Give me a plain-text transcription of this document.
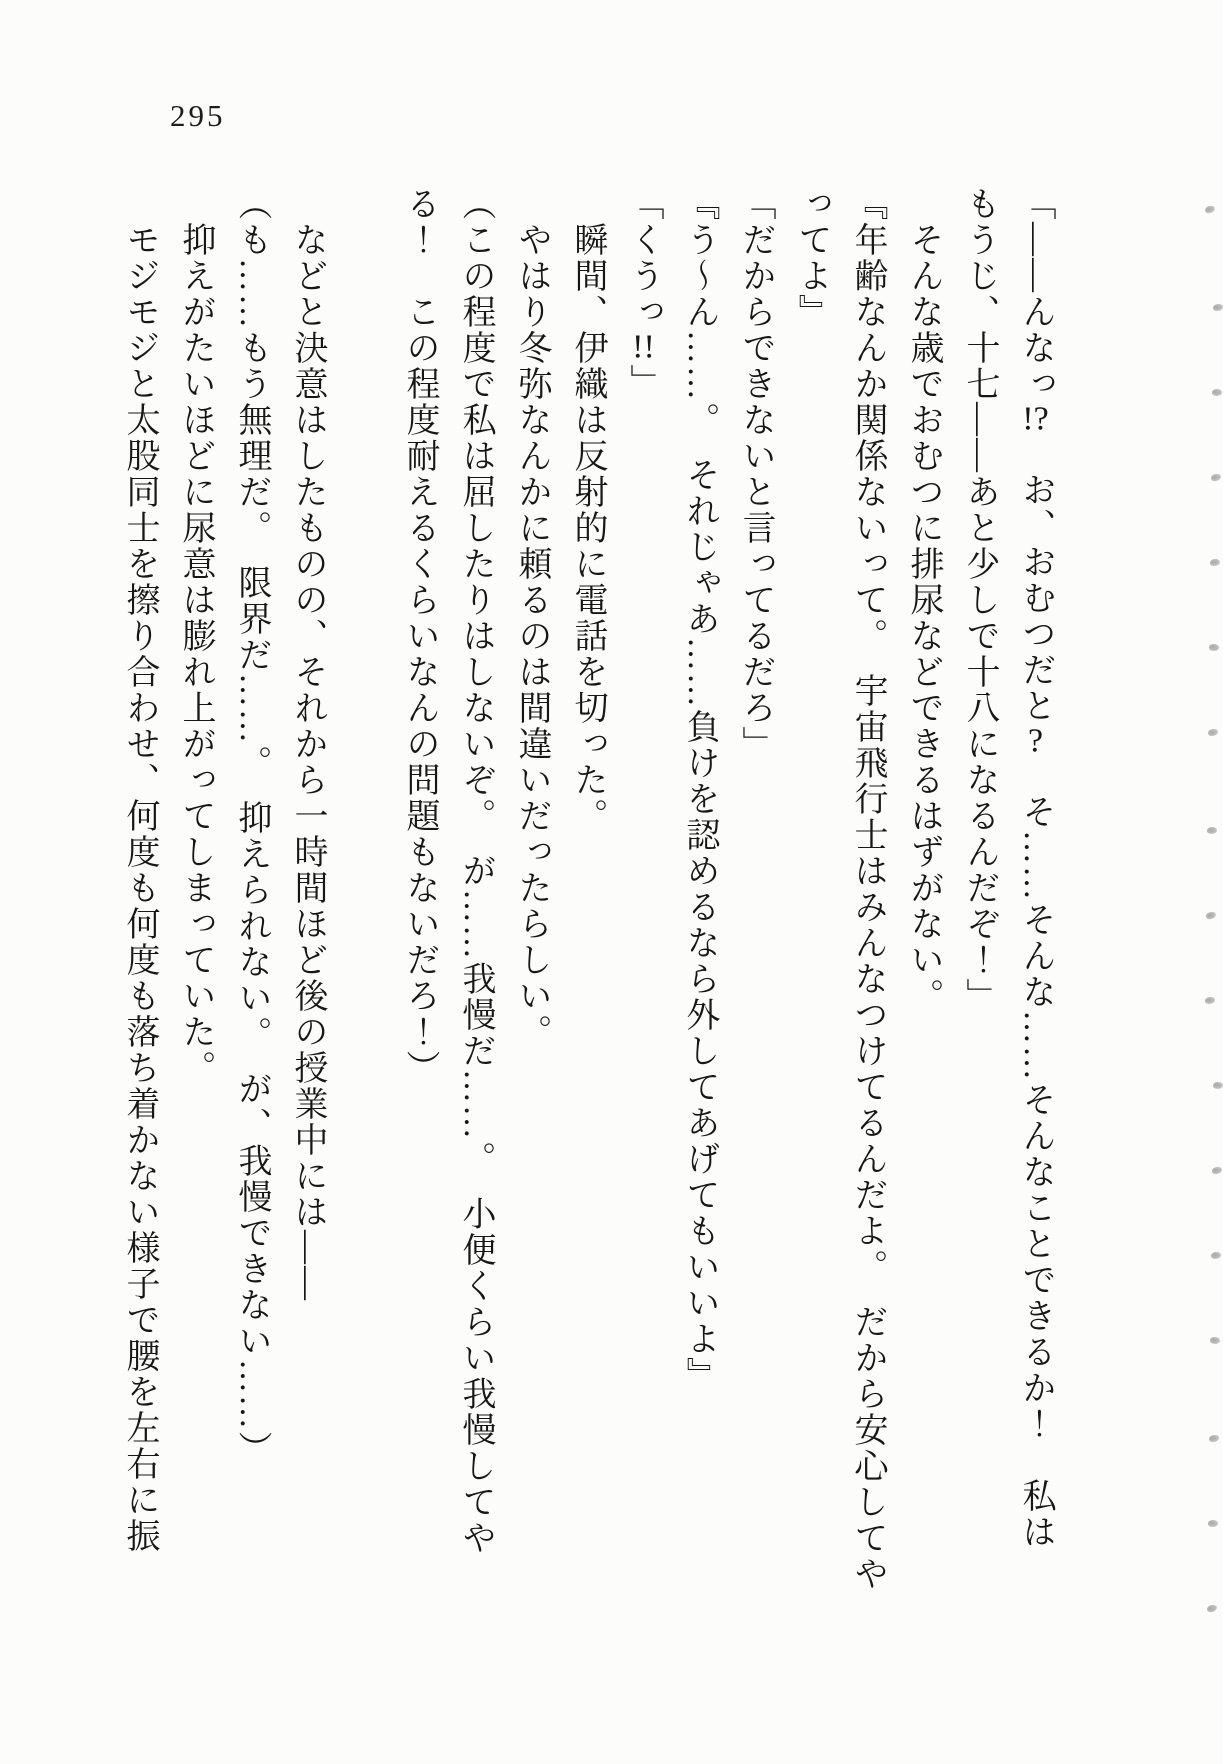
295

「――んなっ!?　お、おむつだと?　そ……そんな……そんなことできるか！　私は

もうじ、十七――あと少しで十八になるんだぞ！」

そんな歳でおむつに排尿などできるはずがない。

『年齢なんか関係ないって。　宇宙飛行士はみんなつけてるんだよ。　だから安心してや

ってよ』

「だからできないと言ってるだろ」

『う～ん……。　それじゃあ……負けを認めるなら外してあげてもいいよ』

「くうっ!!」

瞬間、伊織は反射的に電話を切った。

やはり冬弥なんかに頼るのは間違いだったらしい。

（この程度で私は屈したりはしないぞ。　が……我慢だ……。　小便くらい我慢してや

る！　この程度耐えるくらいなんの問題もないだろ！）

などと決意はしたものの、それから一時間ほど後の授業中には――

（も……もう無理だ。　限界だ……。　抑えられない。　が、我慢できない……）

抑えがたいほどに尿意は膨れ上がってしまっていた。

モジモジと太股同士を擦り合わせ、何度も何度も落ち着かない様子で腰を左右に振
